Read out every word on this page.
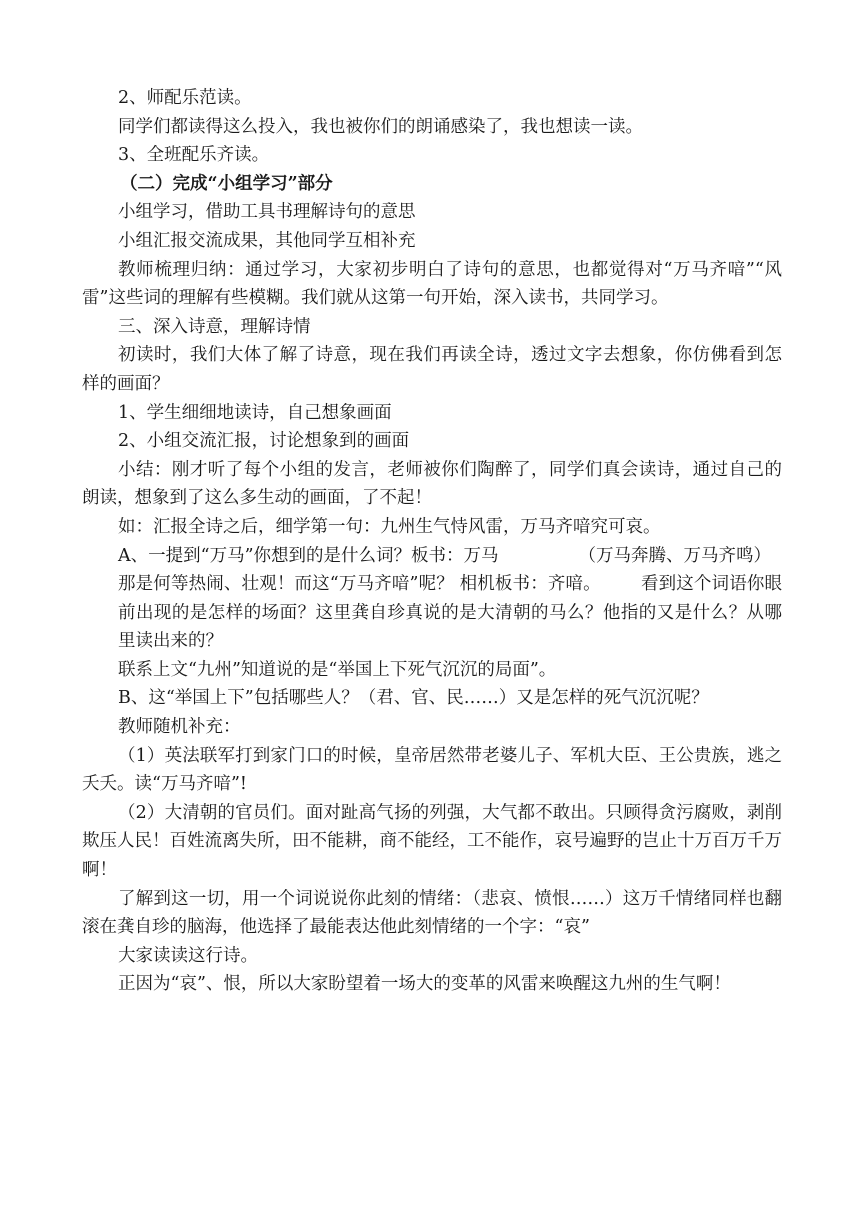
2、师配乐范读。

同学们都读得这么投入，我也被你们的朗诵感染了，我也想读一读。

3、全班配乐齐读。

（二）完成“小组学习”部分

小组学习，借助工具书理解诗句的意思

小组汇报交流成果，其他同学互相补充

教师梳理归纳：通过学习，大家初步明白了诗句的意思，也都觉得对“万马齐喑”“风雷”这些词的理解有些模糊。我们就从这第一句开始，深入读书，共同学习。

三、深入诗意，理解诗情

初读时，我们大体了解了诗意，现在我们再读全诗，透过文字去想象，你仿佛看到怎样的画面？

1、学生细细地读诗，自己想象画面

2、小组交流汇报，讨论想象到的画面

小结：刚才听了每个小组的发言，老师被你们陶醉了，同学们真会读诗，通过自己的朗读，想象到了这么多生动的画面，了不起！

如：汇报全诗之后，细学第一句：九州生气恃风雷，万马齐喑究可哀。

A、一提到“万马”你想到的是什么词？板书：万马	（万马奔腾、万马齐鸣）

那是何等热闹、壮观！而这“万马齐喑”呢？ 相机板书：齐喑。 看到这个词语你眼前出现的是怎样的场面？这里龚自珍真说的是大清朝的马么？他指的又是什么？从哪里读出来的？

联系上文“九州”知道说的是“举国上下死气沉沉的局面”。

B、这“举国上下”包括哪些人？（君、官、民……）又是怎样的死气沉沉呢？

教师随机补充：

（1）英法联军打到家门口的时候，皇帝居然带老婆儿子、军机大臣、王公贵族，逃之夭夭。读“万马齐喑”!

（2）大清朝的官员们。面对趾高气扬的列强，大气都不敢出。只顾得贪污腐败，剥削欺压人民！百姓流离失所，田不能耕，商不能经，工不能作，哀号遍野的岂止十万百万千万啊！

了解到这一切，用一个词说说你此刻的情绪：（悲哀、愤恨……）这万千情绪同样也翻滚在龚自珍的脑海，他选择了最能表达他此刻情绪的一个字：“哀”

大家读读这行诗。

正因为“哀”、恨，所以大家盼望着一场大的变革的风雷来唤醒这九州的生气啊！
